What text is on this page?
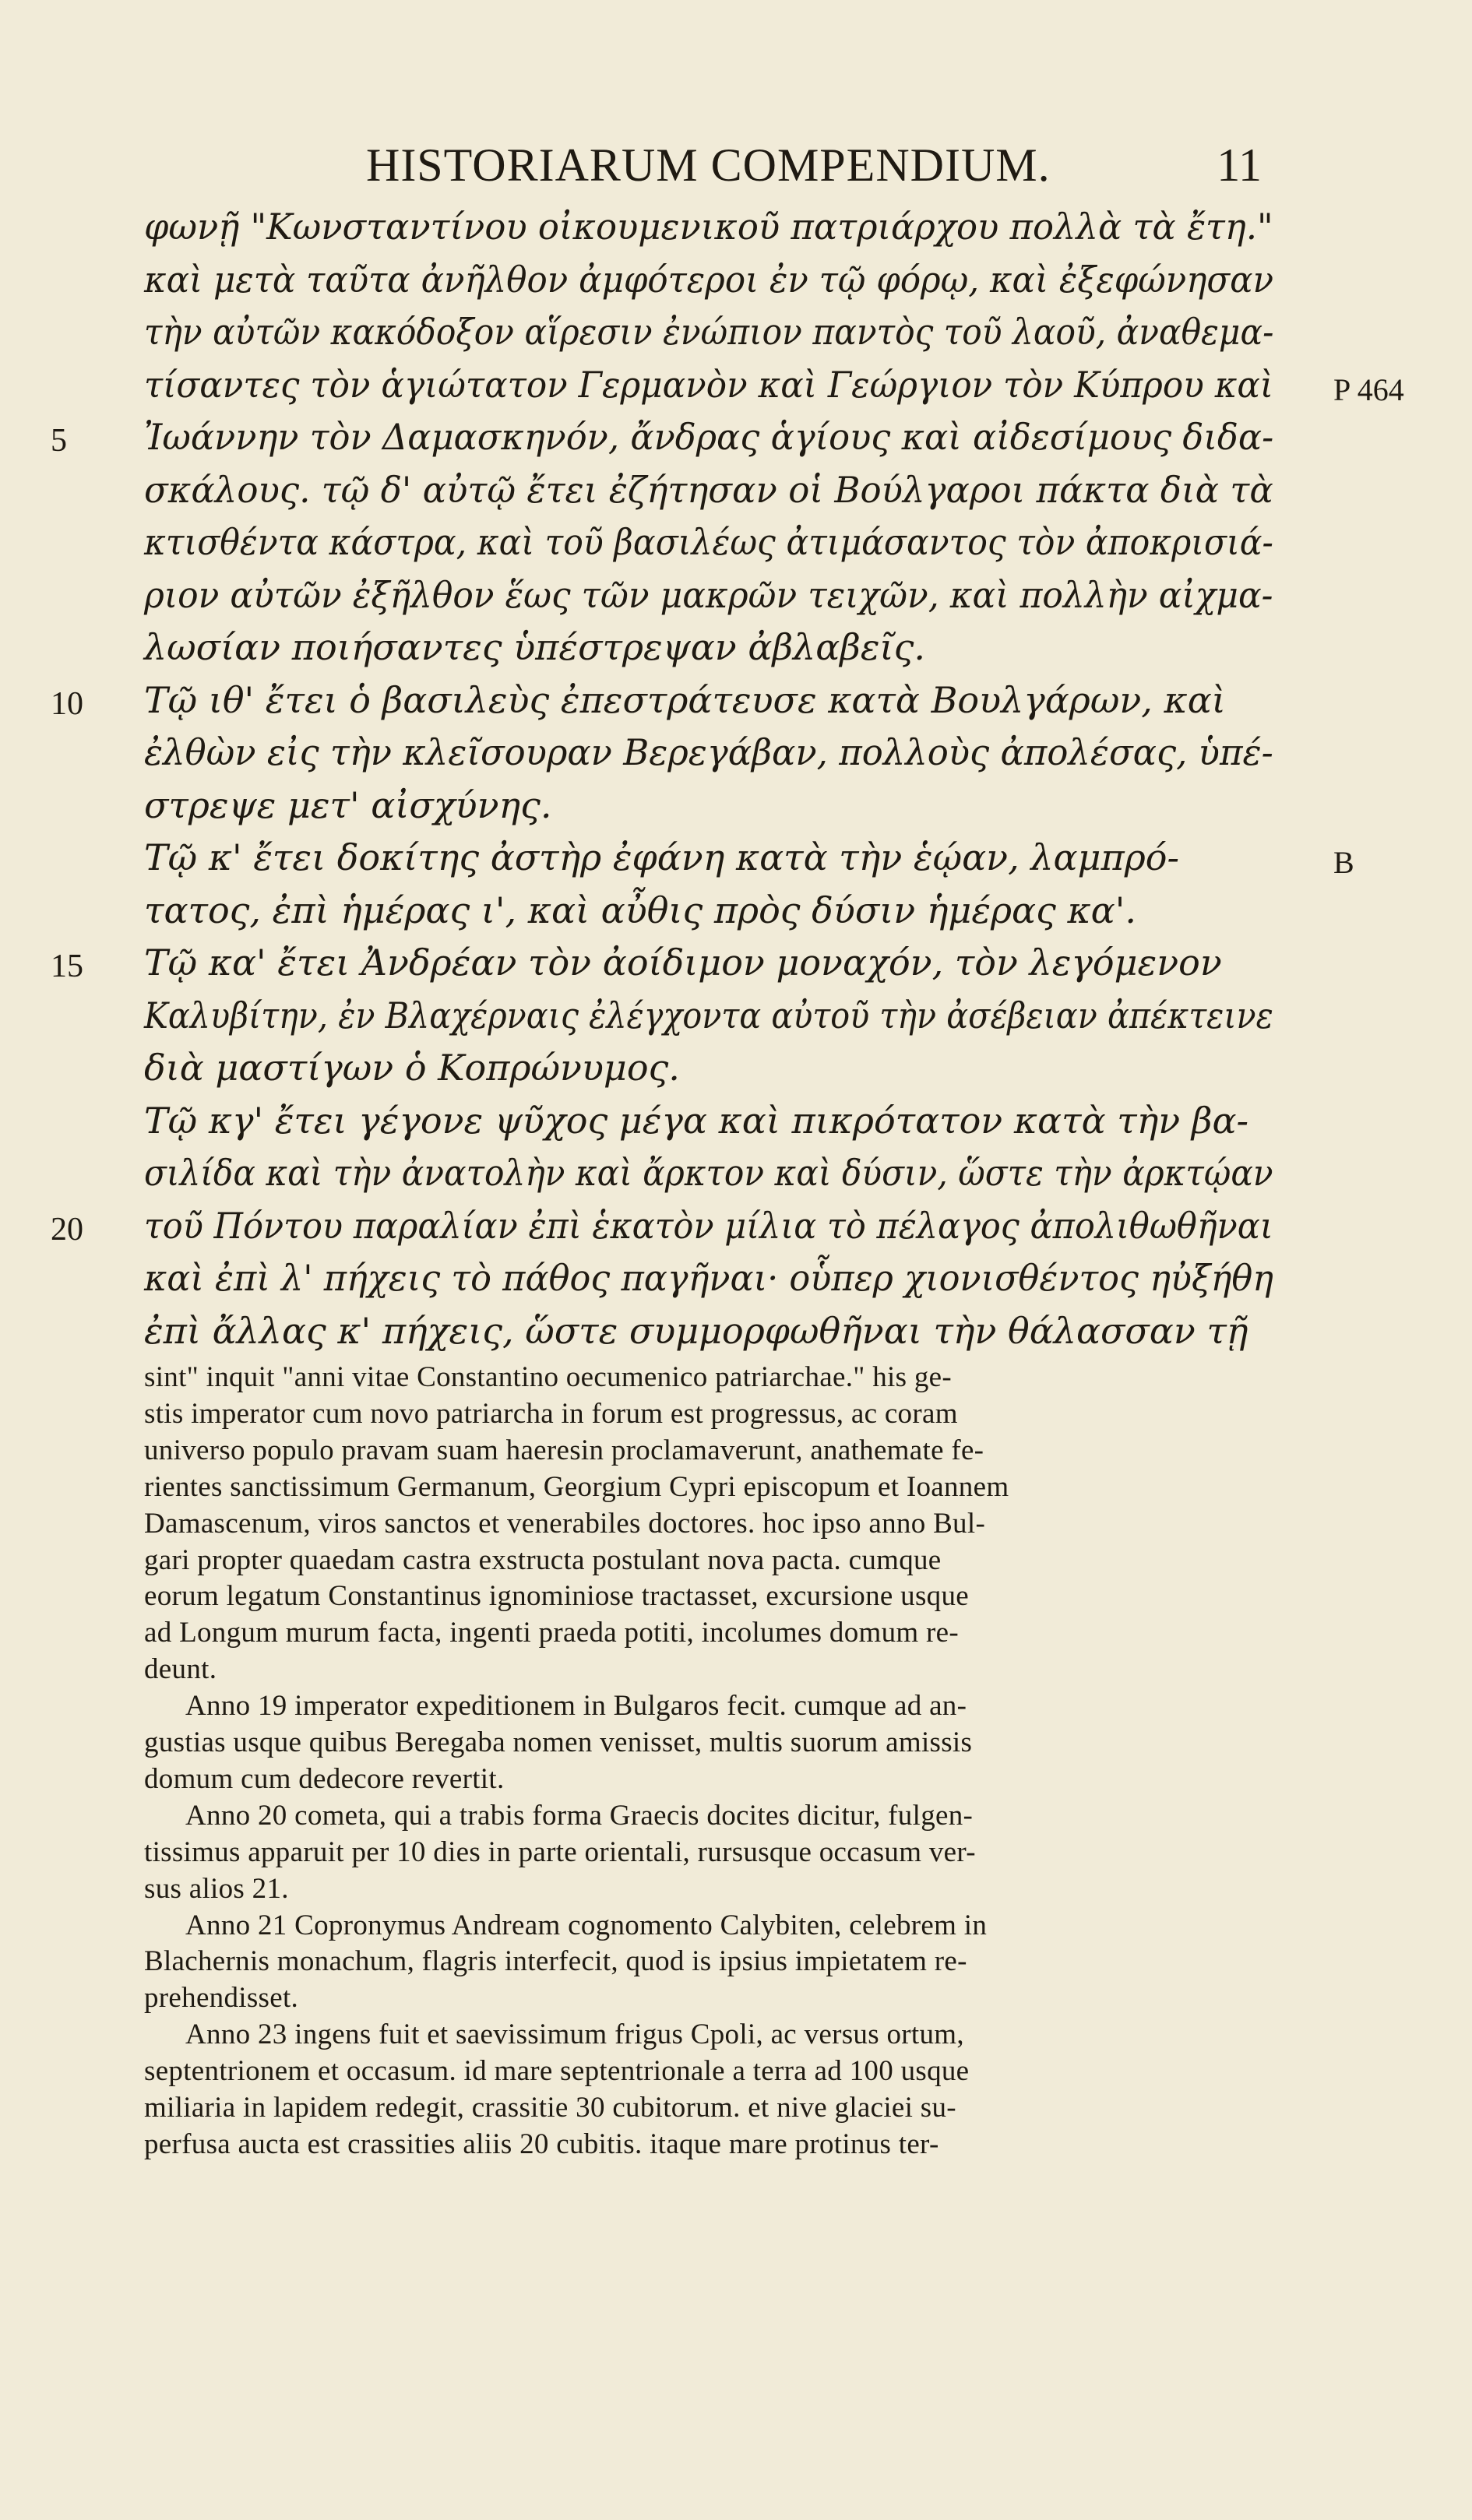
HISTORIARUM COMPENDIUM.	11
φωνῇ "Κωνσταντίνου οἰκουμενικοῦ πατριάρχου πολλὰ τὰ ἔτη."
καὶ μετὰ ταῦτα ἀνῆλθον ἀμφότεροι ἐν τῷ φόρῳ, καὶ ἐξεφώνησαν
τὴν αὐτῶν κακόδοξον αἵρεσιν ἐνώπιον παντὸς τοῦ λαοῦ, ἀναθεμα-
τίσαντες τὸν ἁγιώτατον Γερμανὸν καὶ Γεώργιον τὸν Κύπρου καὶ P 464
Ἰωάννην τὸν Δαμασκηνόν, ἄνδρας ἁγίους καὶ αἰδεσίμους διδα-
5
σκάλους. τῷ δ' αὐτῷ ἔτει ἐζήτησαν οἱ Βούλγαροι πάκτα διὰ τὰ
κτισθέντα κάστρα, καὶ τοῦ βασιλέως ἀτιμάσαντος τὸν ἀποκρισιά-
ριον αὐτῶν ἐξῆλθον ἕως τῶν μακρῶν τειχῶν, καὶ πολλὴν αἰχμα-
λωσίαν ποιήσαντες ὑπέστρεψαν ἀβλαβεῖς.
Τῷ ιθ' ἔτει ὁ βασιλεὺς ἐπεστράτευσε κατὰ Βουλγάρων, καὶ
10
ἐλθὼν εἰς τὴν κλεῖσουραν Βερεγάβαν, πολλοὺς ἀπολέσας, ὑπέ-
στρεψε μετ' αἰσχύνης.
Τῷ κ' ἔτει δοκίτης ἀστὴρ ἐφάνη κατὰ τὴν ἑῴαν, λαμπρό-	B
τατος, ἐπὶ ἡμέρας ι', καὶ αὖθις πρὸς δύσιν ἡμέρας κα'.
Τῷ κα' ἔτει Ἀνδρέαν τὸν ἀοίδιμον μοναχόν, τὸν λεγόμενον
15
Καλυβίτην, ἐν Βλαχέρναις ἐλέγχοντα αὐτοῦ τὴν ἀσέβειαν ἀπέκτεινε
διὰ μαστίγων ὁ Κοπρώνυμος.
Τῷ κγ' ἔτει γέγονε ψῦχος μέγα καὶ πικρότατον κατὰ τὴν βα-
σιλίδα καὶ τὴν ἀνατολὴν καὶ ἄρκτον καὶ δύσιν, ὥστε τὴν ἀρκτῴαν
τοῦ Πόντου παραλίαν ἐπὶ ἑκατὸν μίλια τὸ πέλαγος ἀπολιθωθῆναι
20
καὶ ἐπὶ λ' πήχεις τὸ πάθος παγῆναι· οὗπερ χιονισθέντος ηὐξήθη
ἐπὶ ἄλλας κ' πήχεις, ὥστε συμμορφωθῆναι τὴν θάλασσαν τῇ
sint" inquit "anni vitae Constantino oecumenico patriarchae." his ge-
stis imperator cum novo patriarcha in forum est progressus, ac coram
universo populo pravam suam haeresin proclamaverunt, anathemate fe-
rientes sanctissimum Germanum, Georgium Cypri episcopum et Ioannem
Damascenum, viros sanctos et venerabiles doctores. hoc ipso anno Bul-
gari propter quaedam castra exstructa postulant nova pacta. cumque
eorum legatum Constantinus ignominiose tractasset, excursione usque
ad Longum murum facta, ingenti praeda potiti, incolumes domum re-
deunt.
Anno 19 imperator expeditionem in Bulgaros fecit. cumque ad an-
gustias usque quibus Beregaba nomen venisset, multis suorum amissis
domum cum dedecore revertit.
Anno 20 cometa, qui a trabis forma Graecis docites dicitur, fulgen-
tissimus apparuit per 10 dies in parte orientali, rursusque occasum ver-
sus alios 21.
Anno 21 Copronymus Andream cognomento Calybiten, celebrem in
Blachernis monachum, flagris interfecit, quod is ipsius impietatem re-
prehendisset.
Anno 23 ingens fuit et saevissimum frigus Cpoli, ac versus ortum,
septentrionem et occasum. id mare septentrionale a terra ad 100 usque
miliaria in lapidem redegit, crassitie 30 cubitorum. et nive glaciei su-
perfusa aucta est crassities aliis 20 cubitis. itaque mare protinus ter-
